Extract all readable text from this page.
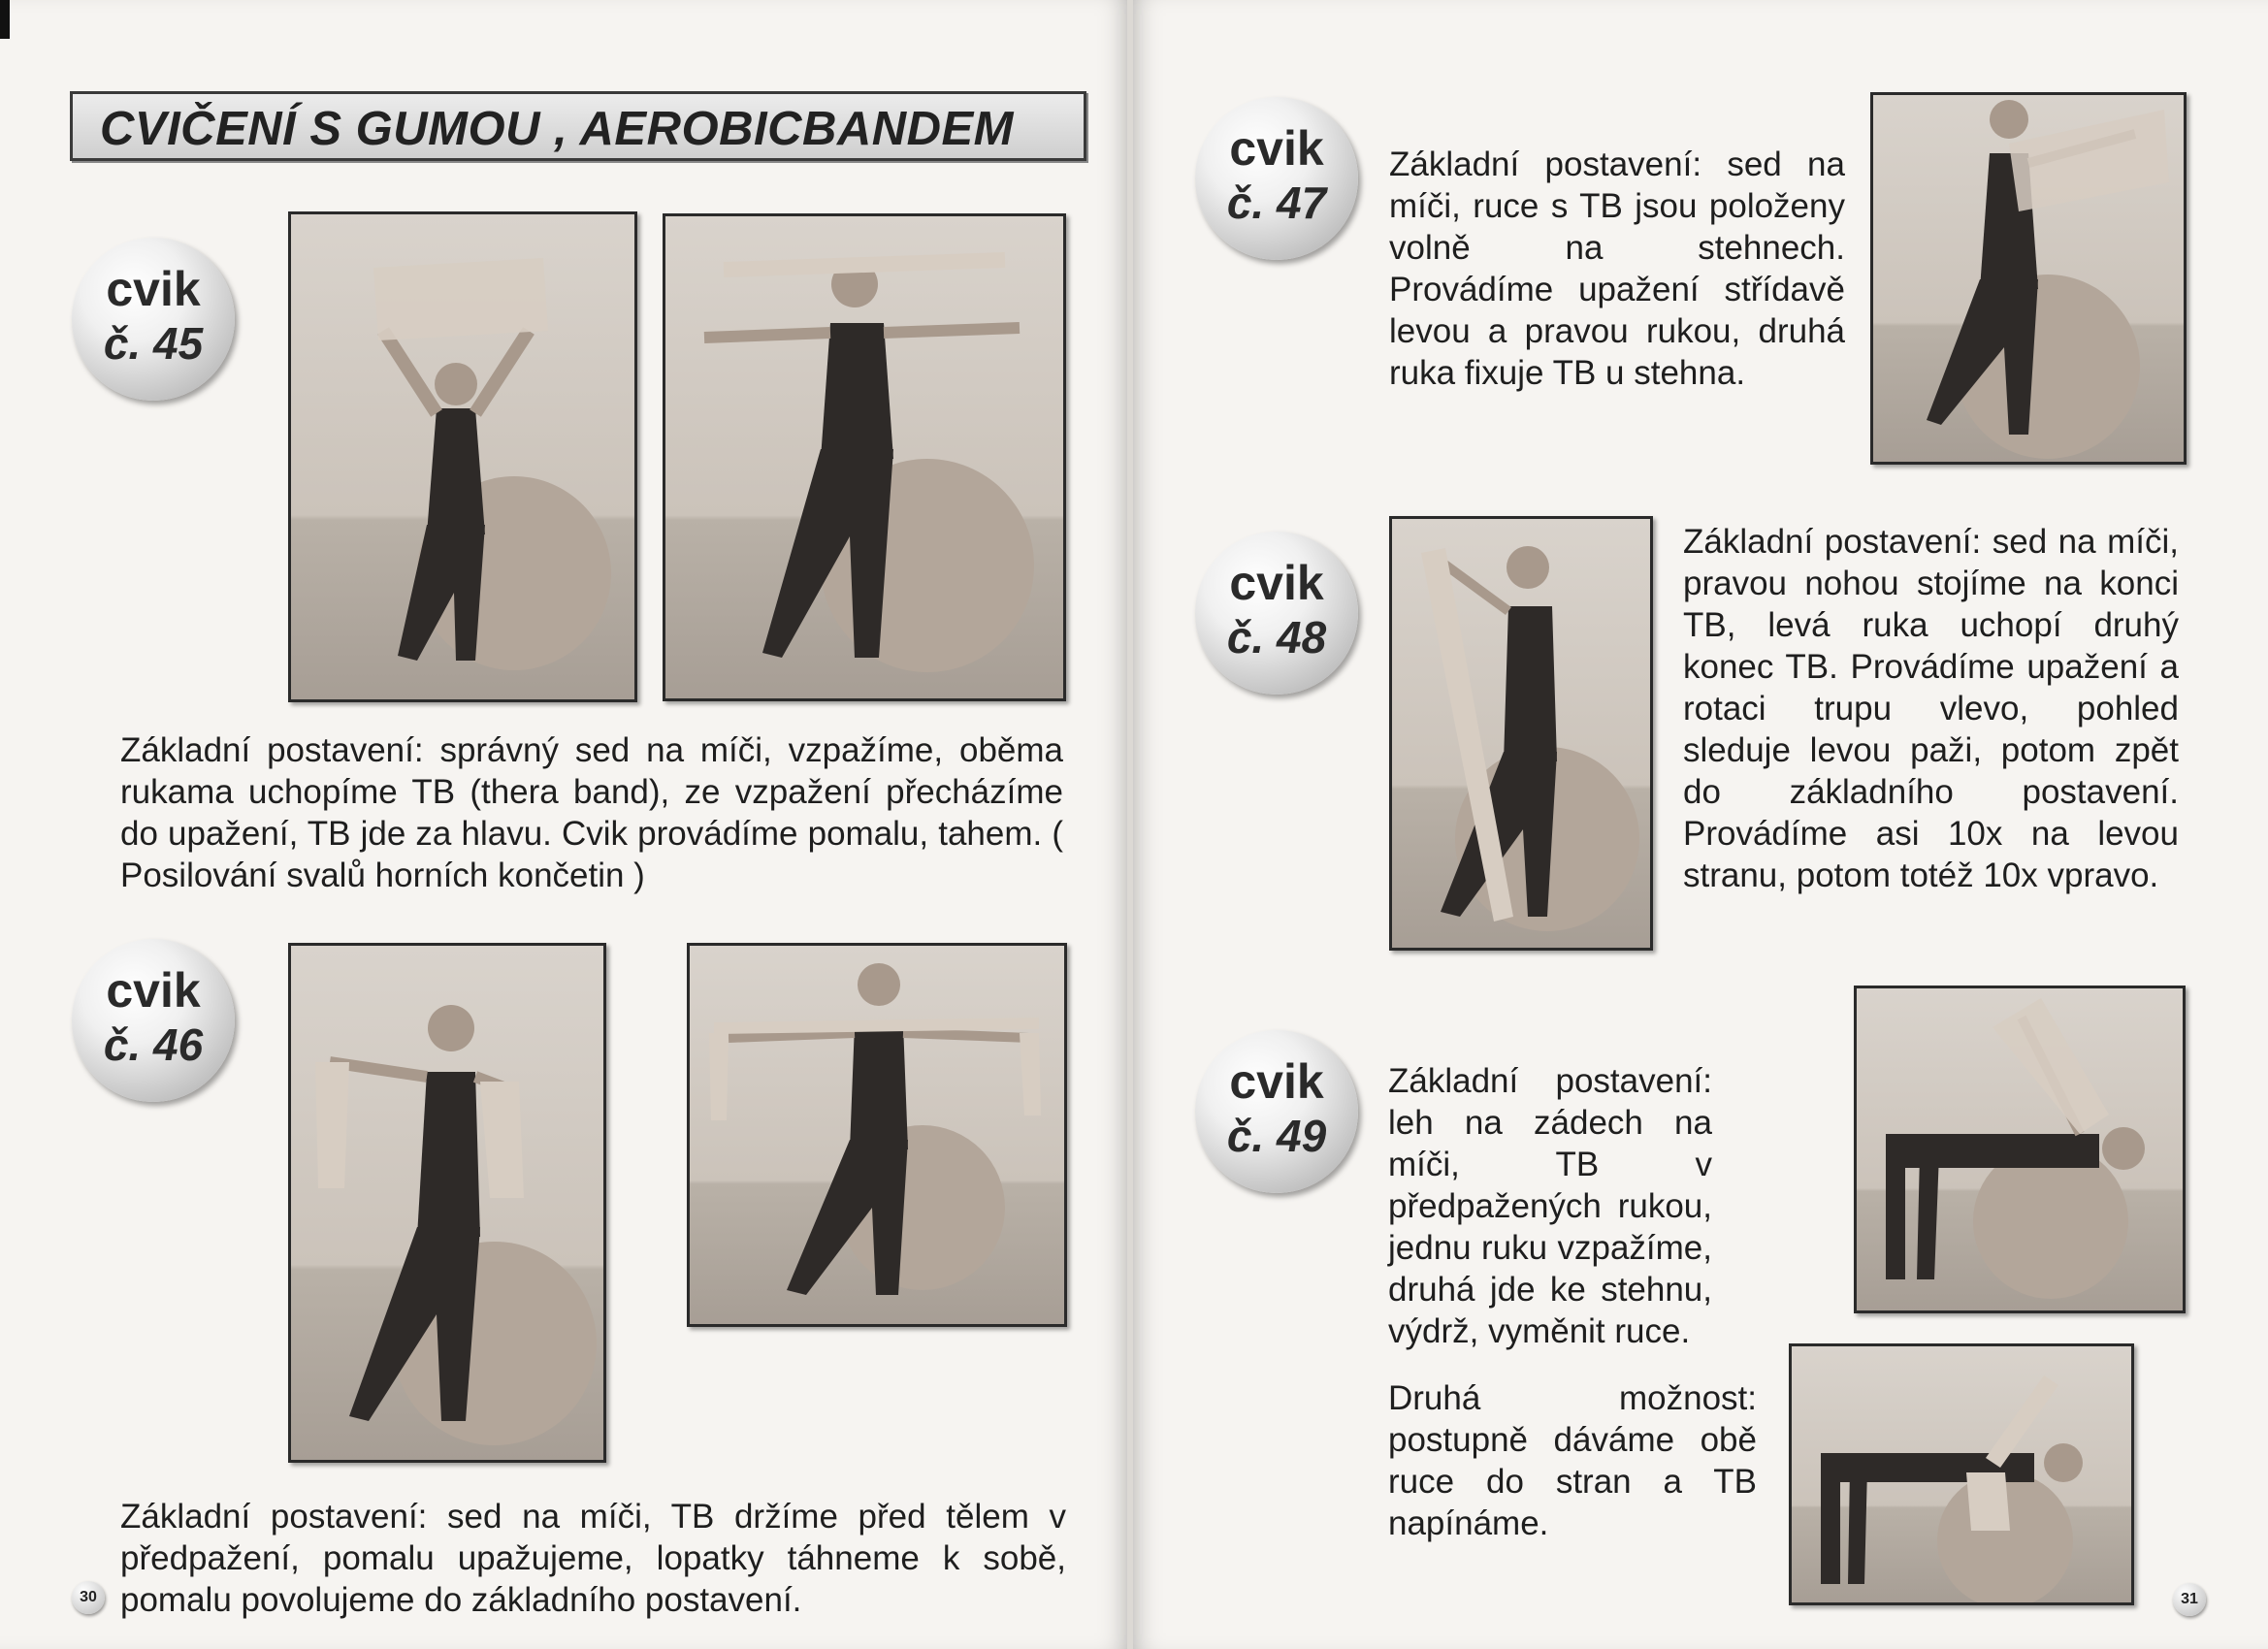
CVIČENÍ S GUMOU , AEROBICBANDEM
cvik
č. 45

Základní postavení: správný sed na míči, vzpažíme, oběma rukama uchopíme TB (thera band), ze vzpažení přecházíme do upažení, TB jde za hlavu. Cvik provádíme pomalu, tahem. ( Posilování svalů horních končetin )

cvik
č. 46

Základní postavení: sed na míči, TB držíme před tělem v předpažení, pomalu upažujeme, lopatky táhneme k sobě, pomalu povolujeme do základního postavení.

30
cvik
č. 47

Základní postavení: sed na míči, ruce s TB jsou položeny volně na stehnech. Provádíme upažení střídavě levou a pravou rukou, druhá ruka fixuje TB u stehna.

cvik
č. 48

Základní postavení: sed na míči, pravou nohou stojíme na konci TB, levá ruka uchopí druhý konec TB. Provádíme upažení a rotaci trupu vlevo, pohled sleduje levou paži, potom zpět do základního postavení. Provádíme asi 10x na levou stranu, potom totéž 10x vpravo.

cvik
č. 49

Základní postavení: leh na zádech na míči, TB v předpažených rukou, jednu ruku vzpažíme, druhá jde ke stehnu, výdrž, vyměnit ruce.

Druhá možnost: postupně dáváme obě ruce do stran a TB napínáme.

31
